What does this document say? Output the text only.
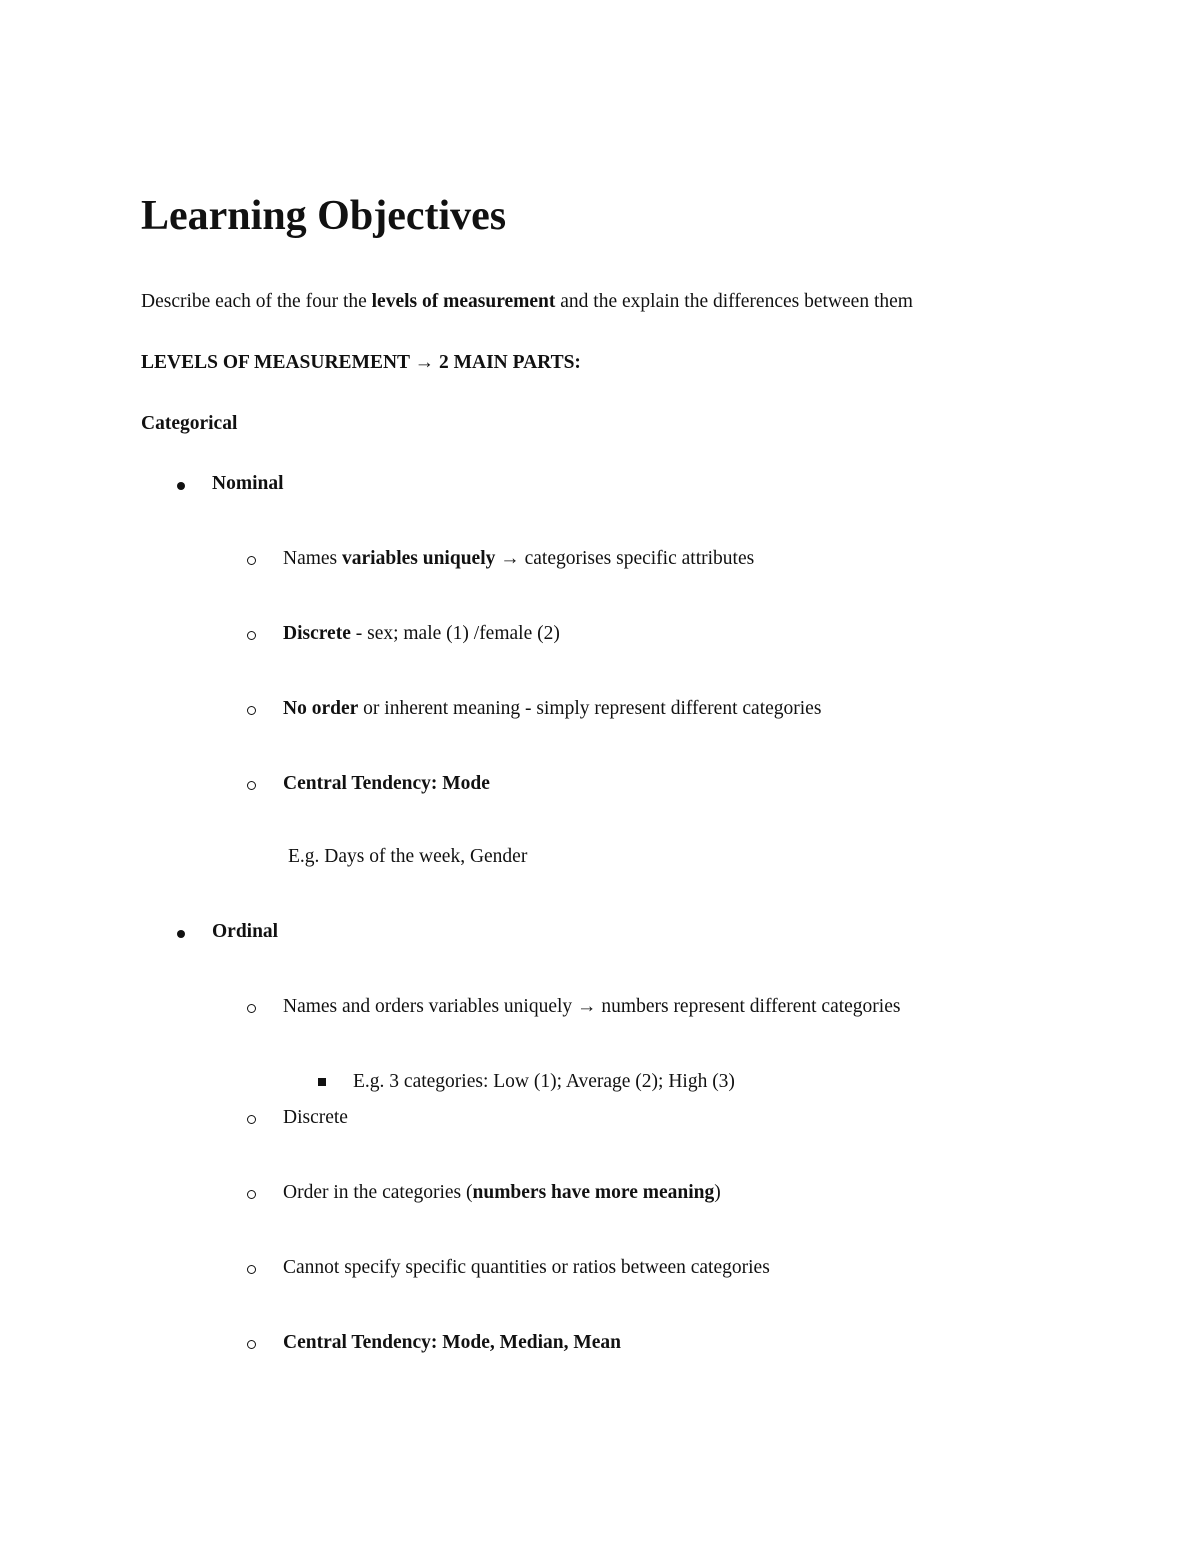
Learning Objectives
Describe each of the four the levels of measurement and the explain the differences between them
LEVELS OF MEASUREMENT → 2 MAIN PARTS:
Categorical
Nominal
Names variables uniquely → categorises specific attributes
Discrete - sex; male (1) /female (2)
No order or inherent meaning - simply represent different categories
Central Tendency: Mode
E.g. Days of the week, Gender
Ordinal
Names and orders variables uniquely → numbers represent different categories
E.g. 3 categories: Low (1); Average (2); High (3)
Discrete
Order in the categories (numbers have more meaning)
Cannot specify specific quantities or ratios between categories
Central Tendency: Mode, Median, Mean
